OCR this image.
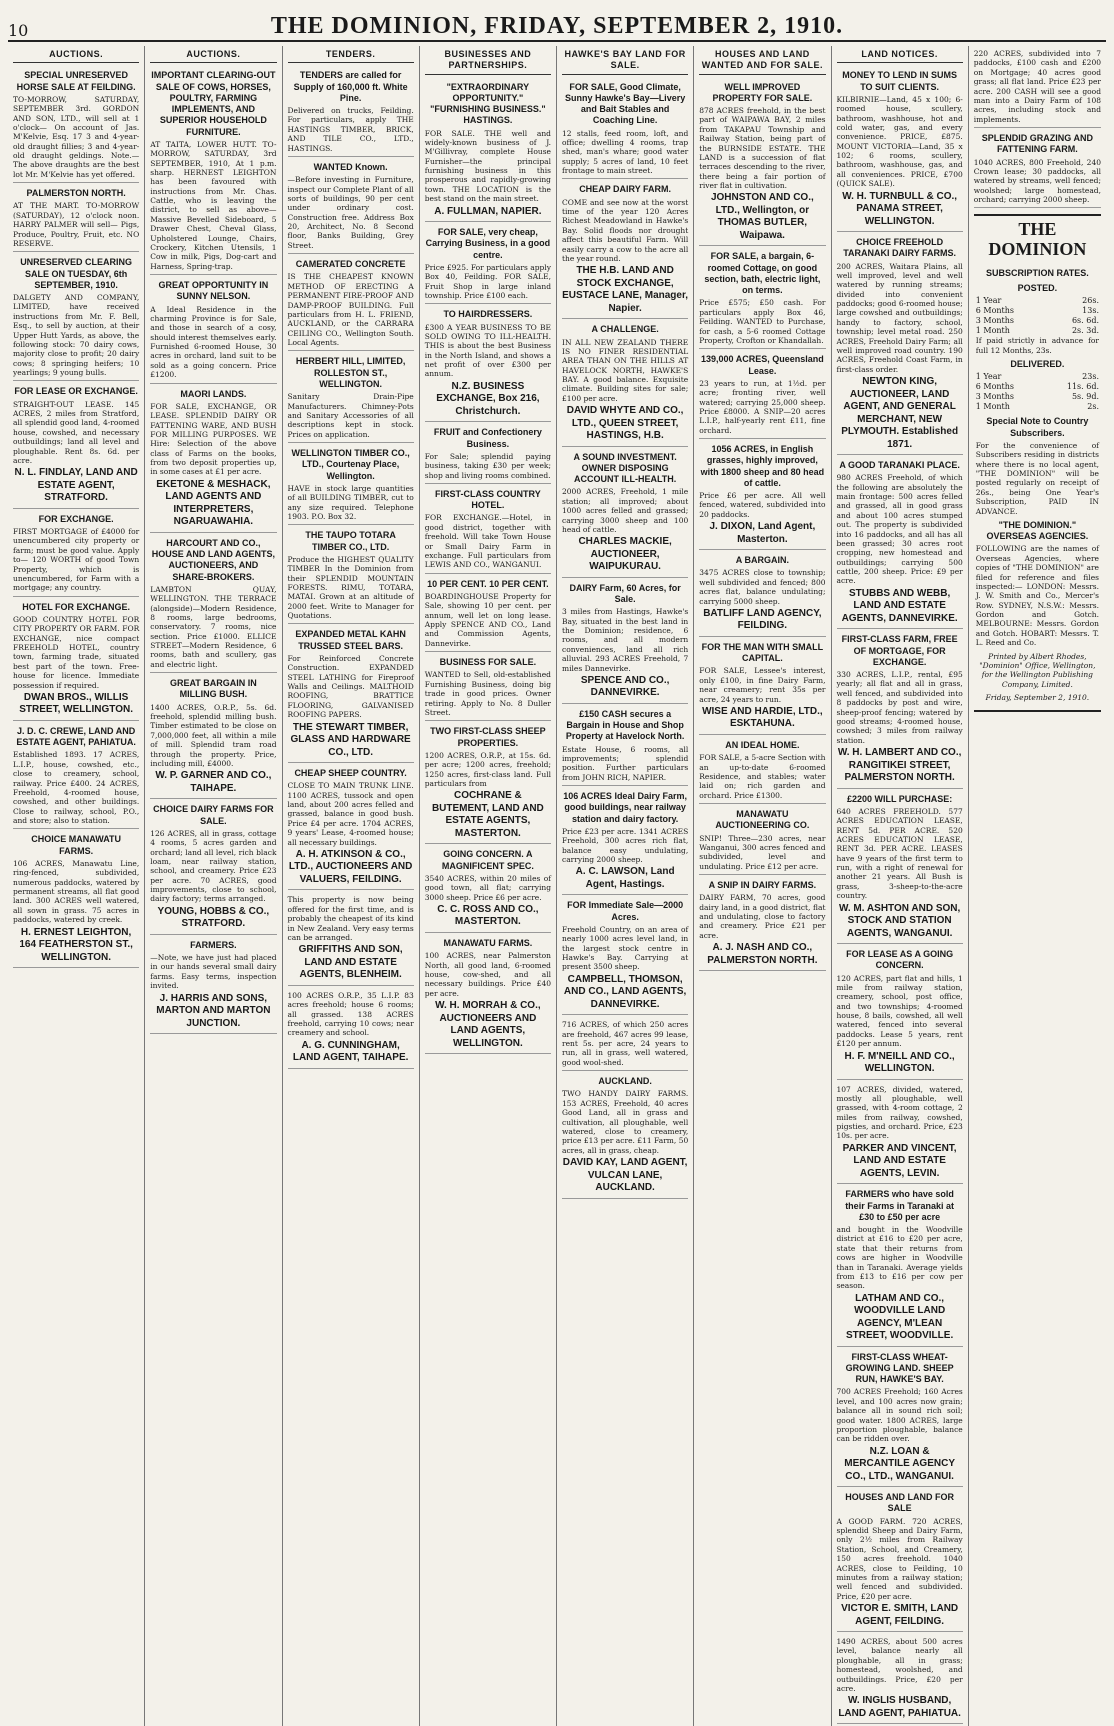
10	THE DOMINION, FRIDAY, SEPTEMBER 2, 1910.
AUCTIONS.
SPECIAL UNRESERVED HORSE SALE AT FEILDING.
TO-MORROW, SATURDAY, SEPTEMBER 3rd. GORDON AND SON, LTD., will sell at 1 o'clock— On account of Jas. M'Kelvie, Esq. 17 3 and 4-year-old draught fillies; 3 and 4-year-old draught geldings. Note.—The above draughts are the best lot Mr. M'Kelvie has yet offered.
PALMERSTON NORTH.
AT THE MART. TO-MORROW (SATURDAY), 12 o'clock noon. HARRY PALMER will sell— Pigs, Produce, Poultry, Fruit, etc. NO RESERVE.
UNRESERVED CLEARING SALE ON TUESDAY, 6th SEPTEMBER, 1910.
DALGETY AND COMPANY, LIMITED, have received instructions from Mr. F. Bell, Esq., to sell by auction, at their Upper Hutt Yards, as above, the following stock: 70 dairy cows, majority close to profit; 20 dairy cows; 8 springing heifers; 10 yearlings; 9 young bulls.
FOR LEASE OR EXCHANGE.
STRAIGHT-OUT LEASE. 145 ACRES, 2 miles from Stratford, all splendid good land, 4-roomed house, cowshed, and necessary outbuildings; land all level and ploughable. Rent 8s. 6d. per acre.
N. L. FINDLAY, LAND AND ESTATE AGENT, STRATFORD.
FOR EXCHANGE.
FIRST MORTGAGE of £4000 for unencumbered city property or farm; must be good value. Apply to— 120 WORTH of good Town Property, which is unencumbered, for Farm with a mortgage; any country.
HOTEL FOR EXCHANGE.
GOOD COUNTRY HOTEL FOR CITY PROPERTY OR FARM. FOR EXCHANGE, nice compact FREEHOLD HOTEL, country town, farming trade, situated best part of the town. Free-house for licence. Immediate possession if required.
DWAN BROS., WILLIS STREET, WELLINGTON.
J. D. C. CREWE, LAND AND ESTATE AGENT, PAHIATUA.
Established 1893. 17 ACRES, L.I.P., house, cowshed, etc., close to creamery, school, railway. Price £400. 24 ACRES, Freehold, 4-roomed house, cowshed, and other buildings. Close to railway, school, P.O., and store; also to station.
CHOICE MANAWATU FARMS.
106 ACRES, Manawatu Line, ring-fenced, subdivided, numerous paddocks, watered by permanent streams, all flat good land. 300 ACRES well watered, all sown in grass. 75 acres in paddocks, watered by creek.
H. ERNEST LEIGHTON, 164 FEATHERSTON ST., WELLINGTON.
AUCTIONS.
IMPORTANT CLEARING-OUT SALE OF COWS, HORSES, POULTRY, FARMING IMPLEMENTS, AND SUPERIOR HOUSEHOLD FURNITURE.
AT TAITA, LOWER HUTT. TO-MORROW, SATURDAY, 3rd SEPTEMBER, 1910, At 1 p.m. sharp. HERNEST LEIGHTON has been favoured with instructions from Mr. Chas. Cattle, who is leaving the district, to sell as above— Massive Bevelled Sideboard, 5 Drawer Chest, Cheval Glass, Upholstered Lounge, Chairs, Crockery, Kitchen Utensils, 1 Cow in milk, Pigs, Dog-cart and Harness, Spring-trap.
GREAT OPPORTUNITY IN SUNNY NELSON.
A Ideal Residence in the charming Province is for Sale, and those in search of a cosy, should interest themselves early. Furnished 6-roomed House, 30 acres in orchard, land suit to be sold as a going concern. Price £1200.
MAORI LANDS.
FOR SALE, EXCHANGE, OR LEASE. SPLENDID DAIRY OR FATTENING WARE, AND BUSH FOR MILLING PURPOSES. WE Hire: Selection of the above class of Farms on the books, from two deposit properties up, in some cases at £1 per acre.
EKETONE & MESHACK, LAND AGENTS AND INTERPRETERS, NGARUAWAHIA.
HARCOURT AND CO., HOUSE AND LAND AGENTS, AUCTIONEERS, AND SHARE-BROKERS.
LAMBTON QUAY, WELLINGTON. THE TERRACE (alongside)—Modern Residence, 8 rooms, large bedrooms, conservatory. 7 rooms, nice section. Price £1000. ELLICE STREET—Modern Residence, 6 rooms, bath and scullery, gas and electric light.
GREAT BARGAIN IN MILLING BUSH.
1400 ACRES, O.R.P., 5s. 6d. freehold, splendid milling bush. Timber estimated to be close on 7,000,000 feet, all within a mile of mill. Splendid tram road through the property. Price, including mill, £4000.
W. P. GARNER AND CO., TAIHAPE.
CHOICE DAIRY FARMS FOR SALE.
126 ACRES, all in grass, cottage 4 rooms, 5 acres garden and orchard; land all level, rich black loam, near railway station, school, and creamery. Price £23 per acre. 70 ACRES, good improvements, close to school, dairy factory; terms arranged.
YOUNG, HOBBS & CO., STRATFORD.
FARMERS.
—Note, we have just had placed in our hands several small dairy farms. Easy terms, inspection invited.
J. HARRIS AND SONS, MARTON AND MARTON JUNCTION.
TENDERS.
TENDERS are called for Supply of 160,000 ft. White Pine.
Delivered on trucks, Feilding. For particulars, apply THE HASTINGS TIMBER, BRICK, AND TILE CO., LTD., HASTINGS.
WANTED Known.
—Before investing in Furniture, inspect our Complete Plant of all sorts of buildings, 90 per cent under ordinary cost. Construction free. Address Box 20, Architect, No. 8 Second floor, Banks Building, Grey Street.
CAMERATED CONCRETE
IS THE CHEAPEST KNOWN METHOD OF ERECTING A PERMANENT FIRE-PROOF AND DAMP-PROOF BUILDING. Full particulars from H. L. FRIEND, AUCKLAND, or the CARRARA CEILING CO., Wellington South. Local Agents.
HERBERT HILL, LIMITED, ROLLESTON ST., WELLINGTON.
Sanitary Drain-Pipe Manufacturers. Chimney-Pots and Sanitary Accessories of all descriptions kept in stock. Prices on application.
WELLINGTON TIMBER CO., LTD., Courtenay Place, Wellington.
HAVE in stock large quantities of all BUILDING TIMBER, cut to any size required. Telephone 1903. P.O. Box 32.
THE TAUPO TOTARA TIMBER CO., LTD.
Produce the HIGHEST QUALITY TIMBER In the Dominion from their SPLENDID MOUNTAIN FORESTS. RIMU, TOTARA, MATAI. Grown at an altitude of 2000 feet. Write to Manager for Quotations.
EXPANDED METAL KAHN TRUSSED STEEL BARS.
For Reinforced Concrete Construction. EXPANDED STEEL LATHING for Fireproof Walls and Ceilings. MALTHOID ROOFING, BRATTICE FLOORING, GALVANISED ROOFING PAPERS.
THE STEWART TIMBER, GLASS AND HARDWARE CO., LTD.
CHEAP SHEEP COUNTRY.
CLOSE TO MAIN TRUNK LINE. 1100 ACRES, tussock and open land, about 200 acres felled and grassed, balance in good bush. Price £4 per acre. 1704 ACRES, 9 years' Lease, 4-roomed house; all necessary buildings.
A. H. ATKINSON & CO., LTD., AUCTIONEERS AND VALUERS, FEILDING.
This property is now being offered for the first time, and is probably the cheapest of its kind in New Zealand. Very easy terms can be arranged.
GRIFFITHS AND SON, LAND AND ESTATE AGENTS, BLENHEIM.
100 ACRES O.R.P., 35 L.I.P. 83 acres freehold; house 6 rooms; all grassed. 138 ACRES freehold, carrying 10 cows; near creamery and school.
A. G. CUNNINGHAM, LAND AGENT, TAIHAPE.
BUSINESSES AND PARTNERSHIPS.
"EXTRAORDINARY OPPORTUNITY." "FURNISHING BUSINESS." HASTINGS.
FOR SALE. THE well and widely-known business of J. M'Gillivray, complete House Furnisher—the principal furnishing business in this prosperous and rapidly-growing town. THE LOCATION is the best stand on the main street.
A. FULLMAN, NAPIER.
FOR SALE, very cheap, Carrying Business, in a good centre.
Price £925. For particulars apply Box 40, Feilding. FOR SALE, Fruit Shop in large inland township. Price £100 each.
TO HAIRDRESSERS.
£300 A YEAR BUSINESS TO BE SOLD OWING TO ILL-HEALTH. THIS is about the best Business in the North Island, and shows a net profit of over £300 per annum.
N.Z. BUSINESS EXCHANGE, Box 216, Christchurch.
FRUIT and Confectionery Business.
For Sale; splendid paying business, taking £30 per week; shop and living rooms combined.
FIRST-CLASS COUNTRY HOTEL.
FOR EXCHANGE.—Hotel, in good district, together with freehold. Will take Town House or Small Dairy Farm in exchange. Full particulars from LEWIS AND CO., WANGANUI.
10 PER CENT. 10 PER CENT.
BOARDINGHOUSE Property for Sale, showing 10 per cent. per annum, well let on long lease. Apply SPENCE AND CO., Land and Commission Agents, Dannevirke.
BUSINESS FOR SALE.
WANTED to Sell, old-established Furnishing Business, doing big trade in good prices. Owner retiring. Apply to No. 8 Duller Street.
TWO FIRST-CLASS SHEEP PROPERTIES.
1200 ACRES, O.R.P., at 15s. 6d. per acre; 1200 acres, freehold; 1250 acres, first-class land. Full particulars from
COCHRANE & BUTEMENT, LAND AND ESTATE AGENTS, MASTERTON.
GOING CONCERN. A MAGNIFICENT SPEC.
3540 ACRES, within 20 miles of good town, all flat; carrying 3000 sheep. Price £6 per acre.
C. C. ROSS AND CO., MASTERTON.
MANAWATU FARMS.
100 ACRES, near Palmerston North, all good land, 6-roomed house, cow-shed, and all necessary buildings. Price £40 per acre.
W. H. MORRAH & CO., AUCTIONEERS AND LAND AGENTS, WELLINGTON.
HAWKE'S BAY LAND FOR SALE.
FOR SALE, Good Climate, Sunny Hawke's Bay—Livery and Bait Stables and Coaching Line.
12 stalls, feed room, loft, and office; dwelling 4 rooms, trap shed, man's whare; good water supply; 5 acres of land, 10 feet frontage to main street.
CHEAP DAIRY FARM.
COME and see now at the worst time of the year 120 Acres Richest Meadowland in Hawke's Bay. Solid floods nor drought affect this beautiful Farm. Will easily carry a cow to the acre all the year round.
THE H.B. LAND AND STOCK EXCHANGE, EUSTACE LANE, Manager, Napier.
A CHALLENGE.
IN ALL NEW ZEALAND THERE IS NO FINER RESIDENTIAL AREA THAN ON THE HILLS AT HAVELOCK NORTH, HAWKE'S BAY. A good balance. Exquisite climate. Building sites for sale; £100 per acre.
DAVID WHYTE AND CO., LTD., QUEEN STREET, HASTINGS, H.B.
A SOUND INVESTMENT. OWNER DISPOSING ACCOUNT ILL-HEALTH.
2000 ACRES, Freehold, 1 mile station; all improved; about 1000 acres felled and grassed; carrying 3000 sheep and 100 head of cattle.
CHARLES MACKIE, AUCTIONEER, WAIPUKURAU.
DAIRY Farm, 60 Acres, for Sale.
3 miles from Hastings, Hawke's Bay, situated in the best land in the Dominion; residence, 6 rooms, and all modern conveniences, land all rich alluvial. 293 ACRES Freehold, 7 miles Dannevirke.
SPENCE AND CO., DANNEVIRKE.
£150 CASH secures a Bargain in House and Shop Property at Havelock North.
Estate House, 6 rooms, all improvements; splendid position. Further particulars from JOHN RICH, NAPIER.
106 ACRES Ideal Dairy Farm, good buildings, near railway station and dairy factory.
Price £23 per acre. 1341 ACRES Freehold, 300 acres rich flat, balance easy undulating, carrying 2000 sheep.
A. C. LAWSON, Land Agent, Hastings.
FOR Immediate Sale—2000 Acres.
Freehold Country, on an area of nearly 1000 acres level land, in the largest stock centre in Hawke's Bay. Carrying at present 3500 sheep.
CAMPBELL, THOMSON, AND CO., LAND AGENTS, DANNEVIRKE.
716 ACRES, of which 250 acres are freehold, 467 acres 99 lease, rent 5s. per acre, 24 years to run, all in grass, well watered, good wool-shed.
AUCKLAND.
TWO HANDY DAIRY FARMS. 153 ACRES, Freehold, 40 acres Good Land, all in grass and cultivation, all ploughable, well watered, close to creamery, price £13 per acre. £11 Farm, 50 acres, all in grass, cheap.
DAVID KAY, LAND AGENT, VULCAN LANE, AUCKLAND.
HOUSES AND LAND WANTED AND FOR SALE.
WELL IMPROVED PROPERTY FOR SALE.
878 ACRES freehold, in the best part of WAIPAWA BAY, 2 miles from TAKAPAU Township and Railway Station, being part of the BURNSIDE ESTATE. THE LAND is a succession of flat terraces descending to the river, there being a fair portion of river flat in cultivation.
JOHNSTON AND CO., LTD., Wellington, or THOMAS BUTLER, Waipawa.
FOR SALE, a bargain, 6-roomed Cottage, on good section, bath, electric light, on terms.
Price £575; £50 cash. For particulars apply Box 46, Feilding. WANTED to Purchase, for cash, a 5-6 roomed Cottage Property, Crofton or Khandallah.
139,000 ACRES, Queensland Lease.
23 years to run, at 1½d. per acre; fronting river, well watered; carrying 25,000 sheep. Price £8000. A SNIP—20 acres L.I.P., half-yearly rent £11, fine orchard.
1056 ACRES, in English grasses, highly improved, with 1800 sheep and 80 head of cattle.
Price £6 per acre. All well fenced, watered, subdivided into 20 paddocks.
J. DIXON, Land Agent, Masterton.
A BARGAIN.
3475 ACRES close to township; well subdivided and fenced; 800 acres flat, balance undulating; carrying 5000 sheep.
BATLIFF LAND AGENCY, FEILDING.
FOR THE MAN WITH SMALL CAPITAL.
FOR SALE, Lessee's interest, only £100, in fine Dairy Farm, near creamery; rent 35s per acre, 24 years to run.
WISE AND HARDIE, LTD., ESKTAHUNA.
AN IDEAL HOME.
FOR SALE, a 5-acre Section with an up-to-date 6-roomed Residence, and stables; water laid on; rich garden and orchard. Price £1300.
MANAWATU AUCTIONEERING CO.
SNIP! Three—230 acres, near Wanganui, 300 acres fenced and subdivided, level and undulating. Price £12 per acre.
A SNIP IN DAIRY FARMS.
DAIRY FARM, 70 acres, good dairy land, in a good district, flat and undulating, close to factory and creamery. Price £21 per acre.
A. J. NASH AND CO., PALMERSTON NORTH.
LAND NOTICES.
MONEY TO LEND IN SUMS TO SUIT CLIENTS.
KILBIRNIE—Land, 45 x 100; 6-roomed house, scullery, bathroom, washhouse, hot and cold water, gas, and every convenience. PRICE, £875. MOUNT VICTORIA—Land, 35 x 102; 6 rooms, scullery, bathroom, washhouse, gas, and all conveniences. PRICE, £700 (QUICK SALE).
W. H. TURNBULL & CO., PANAMA STREET, WELLINGTON.
CHOICE FREEHOLD TARANAKI DAIRY FARMS.
200 ACRES, Waitara Plains, all well improved, level and well watered by running streams; divided into convenient paddocks; good 6-roomed house; large cowshed and outbuildings; handy to factory, school, township; level metal road. 250 ACRES, Freehold Dairy Farm; all well improved road country. 190 ACRES, Freehold Coast Farm, in first-class order.
NEWTON KING, AUCTIONEER, LAND AGENT, AND GENERAL MERCHANT, NEW PLYMOUTH. Established 1871.
A GOOD TARANAKI PLACE.
980 ACRES Freehold, of which the following are absolutely the main frontage: 500 acres felled and grassed, all in good grass and about 100 acres stumped out. The property is subdivided into 16 paddocks, and all has all been grassed; 30 acres root cropping, new homestead and outbuildings; carrying 500 cattle, 200 sheep. Price: £9 per acre.
STUBBS AND WEBB, LAND AND ESTATE AGENTS, DANNEVIRKE.
FIRST-CLASS FARM, FREE OF MORTGAGE, FOR EXCHANGE.
330 ACRES, L.I.P., rental, £95 yearly; all flat and all in grass, well fenced, and subdivided into 8 paddocks by post and wire, sheep-proof fencing; watered by good streams; 4-roomed house, cowshed; 3 miles from railway station.
W. H. LAMBERT AND CO., RANGITIKEI STREET, PALMERSTON NORTH.
£2200 WILL PURCHASE:
640 ACRES FREEHOLD. 577 ACRES EDUCATION LEASE, RENT 5d. PER ACRE. 520 ACRES EDUCATION LEASE, RENT 3d. PER ACRE. LEASES have 9 years of the first term to run, with a right of renewal for another 21 years. All Bush is grass, 3-sheep-to-the-acre country.
W. M. ASHTON AND SON, STOCK AND STATION AGENTS, WANGANUI.
FOR LEASE AS A GOING CONCERN.
120 ACRES, part flat and hills, 1 mile from railway station, creamery, school, post office, and two townships; 4-roomed house, 8 bails, cowshed, all well watered, fenced into several paddocks. Lease 5 years, rent £120 per annum.
H. F. M'NEILL AND CO., WELLINGTON.
107 ACRES, divided, watered, mostly all ploughable, well grassed, with 4-room cottage, 2 miles from railway, cowshed, pigsties, and orchard. Price, £23 10s. per acre.
PARKER AND VINCENT, LAND AND ESTATE AGENTS, LEVIN.
FARMERS who have sold their Farms in Taranaki at £30 to £50 per acre
and bought in the Woodville district at £16 to £20 per acre, state that their returns from cows are higher in Woodville than in Taranaki. Average yields from £13 to £16 per cow per season.
LATHAM AND CO., WOODVILLE LAND AGENCY, M'LEAN STREET, WOODVILLE.
FIRST-CLASS WHEAT-GROWING LAND. SHEEP RUN, HAWKE'S BAY.
700 ACRES Freehold; 160 Acres level, and 100 acres now grain; balance all in sound rich soil; good water. 1800 ACRES, large proportion ploughable, balance can be ridden over.
N.Z. LOAN & MERCANTILE AGENCY CO., LTD., WANGANUI.
HOUSES AND LAND FOR SALE
A GOOD FARM. 720 ACRES, splendid Sheep and Dairy Farm, only 2½ miles from Railway Station, School, and Creamery, 150 acres freehold. 1040 ACRES, close to Feilding, 10 minutes from a railway station; well fenced and subdivided. Price, £20 per acre.
VICTOR E. SMITH, LAND AGENT, FEILDING.
1490 ACRES, about 500 acres level, balance nearly all ploughable, all in grass; homestead, woolshed, and outbuildings. Price, £20 per acre.
W. INGLIS HUSBAND, LAND AGENT, PAHIATUA.
220 ACRES, subdivided into 7 paddocks, £100 cash and £200 on Mortgage; 40 acres good grass; all flat land. Price £23 per acre. 200 CASH will see a good man into a Dairy Farm of 108 acres, including stock and implements.
SPLENDID GRAZING AND FATTENING FARM.
1040 ACRES, 800 Freehold, 240 Crown lease; 30 paddocks, all watered by streams, well fenced; woolshed; large homestead, orchard; carrying 2000 sheep.
THE DOMINION
SUBSCRIPTION RATES.
POSTED.
1 Year	26s.
6 Months	13s.
3 Months	6s. 6d.
1 Month	2s. 3d.
If paid strictly in advance for full 12 Months, 23s.
DELIVERED.
1 Year	23s.
6 Months	11s. 6d.
3 Months	5s. 9d.
1 Month	2s.
Special Note to Country Subscribers.
For the convenience of Subscribers residing in districts where there is no local agent, "THE DOMINION" will be posted regularly on receipt of 26s., being One Year's Subscription, PAID IN ADVANCE.
"THE DOMINION." OVERSEAS AGENCIES.
FOLLOWING are the names of Overseas Agencies, where copies of "THE DOMINION" are filed for reference and files inspected:— LONDON: Messrs. J. W. Smith and Co., Mercer's Row. SYDNEY, N.S.W.: Messrs. Gordon and Gotch. MELBOURNE: Messrs. Gordon and Gotch. HOBART: Messrs. T. L. Reed and Co.
Printed by Albert Rhodes, "Dominion" Office, Wellington, for the Wellington Publishing Company, Limited.
Friday, September 2, 1910.
